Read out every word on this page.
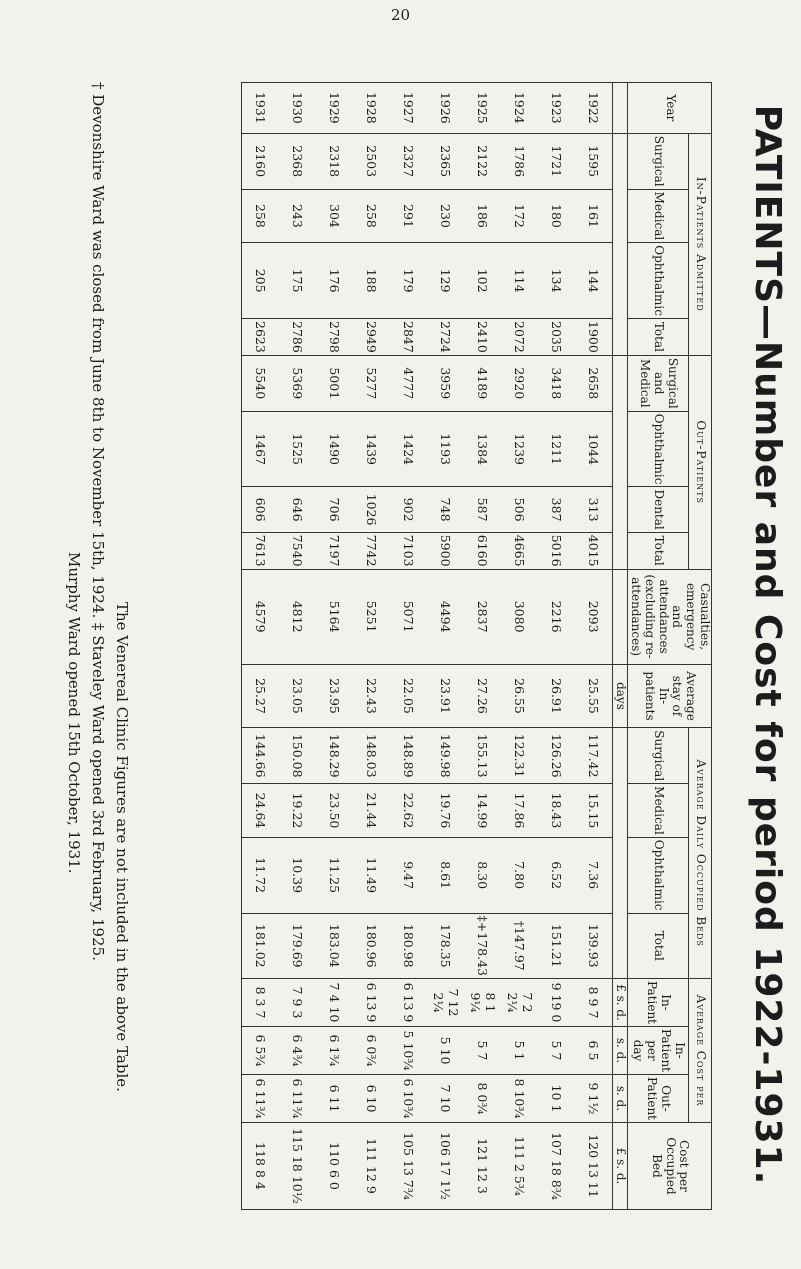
20
PATIENTS—Number and Cost for period 1922-1931.
Year	In-Patients Admitted				Out-Patients				Casualties, emergency and attendances (excluding re-attendances)	Average stay of In-patients	Average Daily Occupied Beds				Average Cost per			Cost per Occupied Bed
	Surgical	Medical	Ophthalmic	Total	Surgical and Medical	Ophthalmic	Dental	Total			Surgical	Medical	Ophthalmic	Total	In-Patient	In-Patient per day	Out-Patient	
										days					£ s. d.	s. d.	s. d.	£ s. d.
1922	1595	161	144	1900	2658	1044	313	4015	2093	25.55	117.42	15.15	7.36	139.93	8 9 7	6 5	9 1½	120 13 11
1923	1721	180	134	2035	3418	1211	387	5016	2216	26.91	126.26	18.43	6.52	151.21	9 19 0	5 7	10 1	107 18 8¾
1924	1786	172	114	2072	2920	1239	506	4665	3080	26.55	122.31	17.86	7.80	†147.97	7 2 2¼	5 1	8 10¾	111 2 5¾
1925	2122	186	102	2410	4189	1384	587	6160	2837	27.26	155.13	14.99	8.30	‡+178.43	8 1 9¼	5 7	8 0¾	121 12 3
1926	2365	230	129	2724	3959	1193	748	5900	4494	23.91	149.98	19.76	8.61	178.35	7 12 2¼	5 10	7 10	106 17 1½
1927	2327	291	179	2847	4777	1424	902	7103	5071	22.05	148.89	22.62	9.47	180.98	6 13 9	5 10¾	6 10¾	105 13 7¾
1928	2503	258	188	2949	5277	1439	1026	7742	5251	22.43	148.03	21.44	11.49	180.96	6 13 9	6 0¾	6 10	111 12 9
1929	2318	304	176	2798	5001	1490	706	7197	5164	23.95	148.29	23.50	11.25	183.04	7 4 10	6 1¾	6 11	110 6 0
1930	2368	243	175	2786	5369	1525	646	7540	4812	23.05	150.08	19.22	10.39	179.69	7 9 3	6 4¾	6 11¾	115 18 10½
1931	2160	258	205	2623	5540	1467	606	7613	4579	25.27	144.66	24.64	11.72	181.02	8 3 7	6 5¾	6 11¾	118 8 4

The Venereal Clinic Figures are not included in the above Table.

† Devonshire Ward was closed from June 8th to November 15th, 1924. ‡ Staveley Ward opened 3rd February, 1925.

Murphy Ward opened 15th October, 1931.
